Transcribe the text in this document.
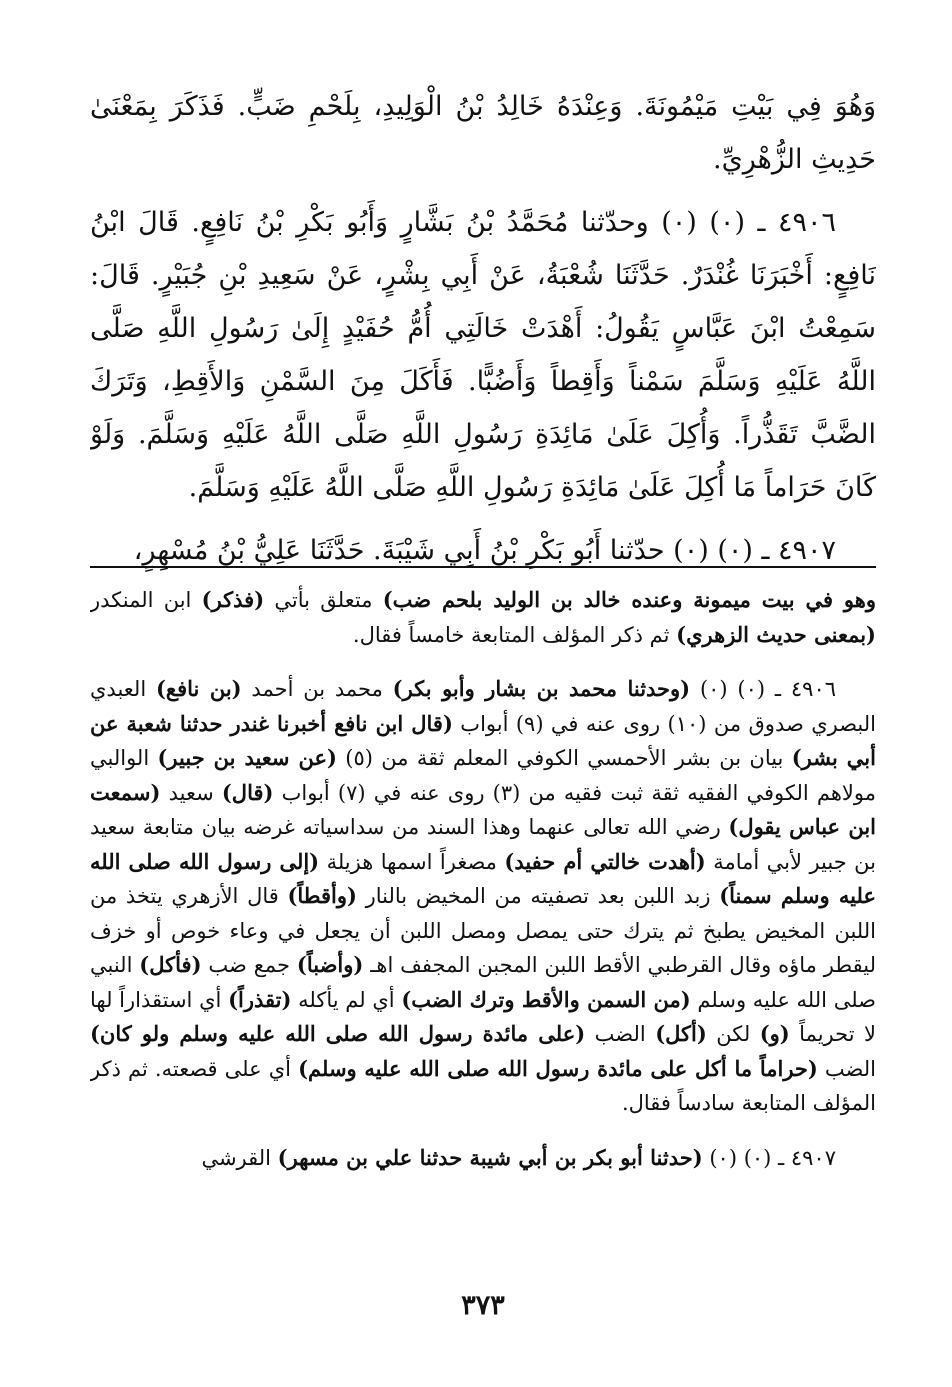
وَهُوَ فِي بَيْتِ مَيْمُونَةَ. وَعِنْدَهُ خَالِدُ بْنُ الْوَلِيدِ، بِلَحْمِ ضَبٍّ. فَذَكَرَ بِمَعْنَىٰ حَدِيثِ الزُّهْرِيِّ.

٤٩٠٦ ـ (٠) (٠) وحدّثنا مُحَمَّدُ بْنُ بَشَّارٍ وَأَبُو بَكْرِ بْنُ نَافِعٍ. قَالَ ابْنُ نَافِعٍ: أَخْبَرَنَا غُنْدَرٌ. حَدَّثَنَا شُعْبَةُ، عَنْ أَبِي بِشْرٍ، عَنْ سَعِيدِ بْنِ جُبَيْرٍ. قَالَ: سَمِعْتُ ابْنَ عَبَّاسٍ يَقُولُ: أَهْدَتْ خَالَتِي أُمُّ حُفَيْدٍ إِلَىٰ رَسُولِ اللَّهِ صَلَّى اللَّهُ عَلَيْهِ وَسَلَّمَ سَمْناً وَأَقِطاً وَأَضُبًّا. فَأَكَلَ مِنَ السَّمْنِ وَالأَقِطِ، وَتَرَكَ الضَّبَّ تَقَذُّراً. وَأُكِلَ عَلَىٰ مَائِدَةِ رَسُولِ اللَّهِ صَلَّى اللَّهُ عَلَيْهِ وَسَلَّمَ. وَلَوْ كَانَ حَرَاماً مَا أُكِلَ عَلَىٰ مَائِدَةِ رَسُولِ اللَّهِ صَلَّى اللَّهُ عَلَيْهِ وَسَلَّمَ.

٤٩٠٧ ـ (٠) (٠) حدّثنا أَبُو بَكْرِ بْنُ أَبِي شَيْبَةَ. حَدَّثَنَا عَلِيُّ بْنُ مُسْهِرٍ،

وهو في بيت ميمونة وعنده خالد بن الوليد بلحم ضب) متعلق بأتي (فذكر) ابن المنكدر (بمعنى حديث الزهري) ثم ذكر المؤلف المتابعة خامساً فقال.

٤٩٠٦ ـ (٠) (٠) (وحدثنا محمد بن بشار وأبو بكر) محمد بن أحمد (بن نافع) العبدي البصري صدوق من (١٠) روى عنه في (٩) أبواب (قال ابن نافع أخبرنا غندر حدثنا شعبة عن أبي بشر) بيان بن بشر الأحمسي الكوفي المعلم ثقة من (٥) (عن سعيد بن جبير) الوالبي مولاهم الكوفي الفقيه ثقة ثبت فقيه من (٣) روى عنه في (٧) أبواب (قال) سعيد (سمعت ابن عباس يقول) رضي الله تعالى عنهما وهذا السند من سداسياته غرضه بيان متابعة سعيد بن جبير لأبي أمامة (أهدت خالتي أم حفيد) مصغراً اسمها هزيلة (إلى رسول الله صلى الله عليه وسلم سمناً) زبد اللبن بعد تصفيته من المخيض بالنار (وأقطاً) قال الأزهري يتخذ من اللبن المخيض يطبخ ثم يترك حتى يمصل ومصل اللبن أن يجعل في وعاء خوص أو خزف ليقطر ماؤه وقال القرطبي الأقط اللبن المجبن المجفف اهـ (وأضباً) جمع ضب (فأكل) النبي صلى الله عليه وسلم (من السمن والأقط وترك الضب) أي لم يأكله (تقذراً) أي استقذاراً لها لا تحريماً (و) لكن (أكل) الضب (على مائدة رسول الله صلى الله عليه وسلم ولو كان) الضب (حراماً ما أكل على مائدة رسول الله صلى الله عليه وسلم) أي على قصعته. ثم ذكر المؤلف المتابعة سادساً فقال.

٤٩٠٧ ـ (٠) (٠) (حدثنا أبو بكر بن أبي شيبة حدثنا علي بن مسهر) القرشي

٣٧٣
